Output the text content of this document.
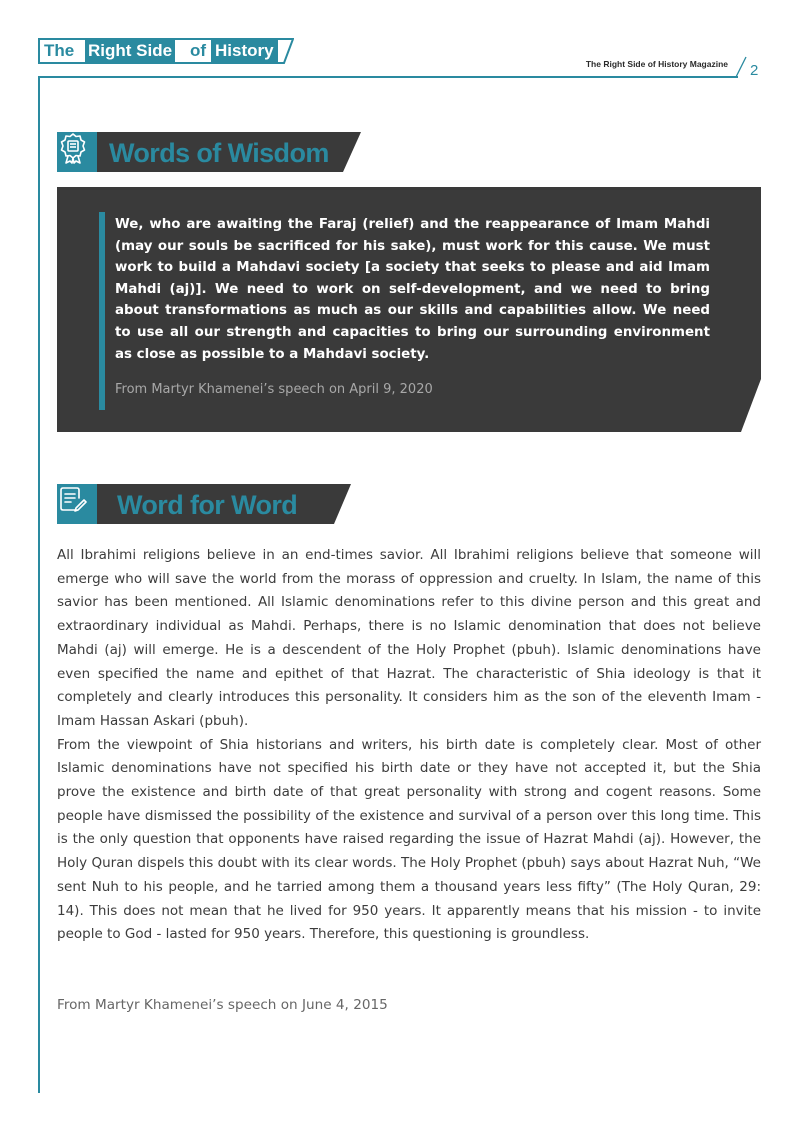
The Right Side of History
The Right Side of History Magazine 2
Words of Wisdom

We, who are awaiting the Faraj (relief) and the reappearance of Imam Mahdi (may our souls be sacrificed for his sake), must work for this cause. We must work to build a Mahdavi society [a society that seeks to please and aid Imam Mahdi (aj)]. We need to work on self-development, and we need to bring about transformations as much as our skills and capabilities allow. We need to use all our strength and capacities to bring our surrounding environment as close as possible to a Mahdavi society.

From Martyr Khamenei’s speech on April 9, 2020

Word for Word

All Ibrahimi religions believe in an end-times savior. All Ibrahimi religions believe that someone will emerge who will save the world from the morass of oppression and cruelty. In Islam, the name of this savior has been mentioned. All Islamic denominations refer to this divine person and this great and extraordinary individual as Mahdi. Perhaps, there is no Islamic denomination that does not believe Mahdi (aj) will emerge. He is a descendent of the Holy Prophet (pbuh). Islamic denominations have even specified the name and epithet of that Hazrat. The characteristic of Shia ideology is that it completely and clearly introduces this personality. It considers him as the son of the eleventh Imam - Imam Hassan Askari (pbuh).

From the viewpoint of Shia historians and writers, his birth date is completely clear. Most of other Islamic denominations have not specified his birth date or they have not accepted it, but the Shia prove the existence and birth date of that great personality with strong and cogent reasons. Some people have dismissed the possibility of the existence and survival of a person over this long time. This is the only question that opponents have raised regarding the issue of Hazrat Mahdi (aj). However, the Holy Quran dispels this doubt with its clear words. The Holy Prophet (pbuh) says about Hazrat Nuh, “We sent Nuh to his people, and he tarried among them a thousand years less fifty” (The Holy Quran, 29: 14). This does not mean that he lived for 950 years. It apparently means that his mission - to invite people to God - lasted for 950 years. Therefore, this questioning is groundless.

From Martyr Khamenei’s speech on June 4, 2015
